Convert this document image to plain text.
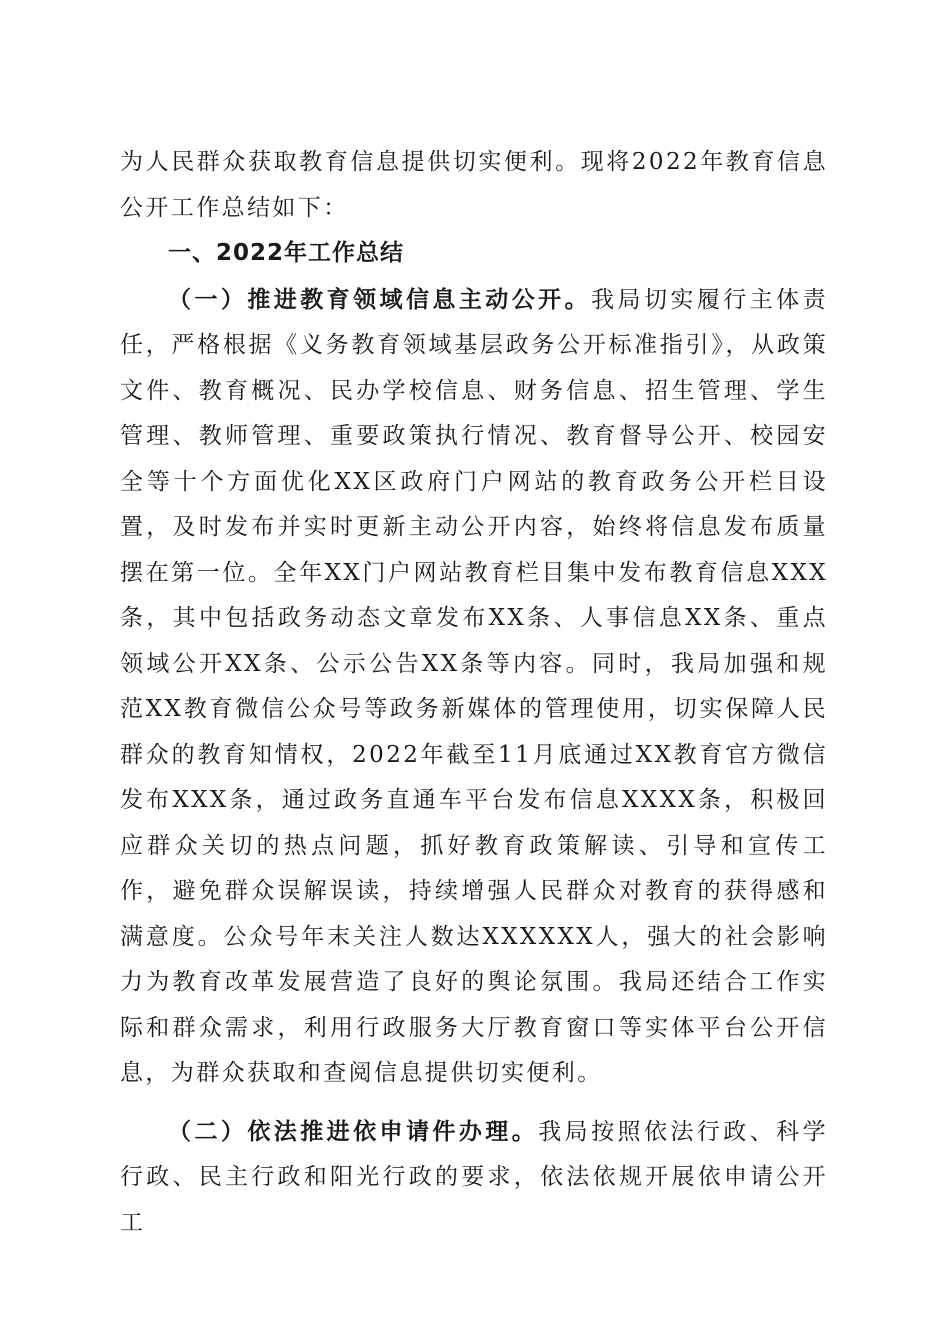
为人民群众获取教育信息提供切实便利。现将2022年教育信息公开工作总结如下：

一、2022年工作总结

（一）推进教育领域信息主动公开。我局切实履行主体责任，严格根据《义务教育领域基层政务公开标准指引》，从政策文件、教育概况、民办学校信息、财务信息、招生管理、学生管理、教师管理、重要政策执行情况、教育督导公开、校园安全等十个方面优化XX区政府门户网站的教育政务公开栏目设置，及时发布并实时更新主动公开内容，始终将信息发布质量摆在第一位。全年XX门户网站教育栏目集中发布教育信息XXX条，其中包括政务动态文章发布XX条、人事信息XX条、重点领域公开XX条、公示公告XX条等内容。同时，我局加强和规范XX教育微信公众号等政务新媒体的管理使用，切实保障人民群众的教育知情权，2022年截至11月底通过XX教育官方微信发布XXX条，通过政务直通车平台发布信息XXXX条，积极回应群众关切的热点问题，抓好教育政策解读、引导和宣传工作，避免群众误解误读，持续增强人民群众对教育的获得感和满意度。公众号年末关注人数达XXXXXX人，强大的社会影响力为教育改革发展营造了良好的舆论氛围。我局还结合工作实际和群众需求，利用行政服务大厅教育窗口等实体平台公开信息，为群众获取和查阅信息提供切实便利。

（二）依法推进依申请件办理。我局按照依法行政、科学行政、民主行政和阳光行政的要求，依法依规开展依申请公开工
